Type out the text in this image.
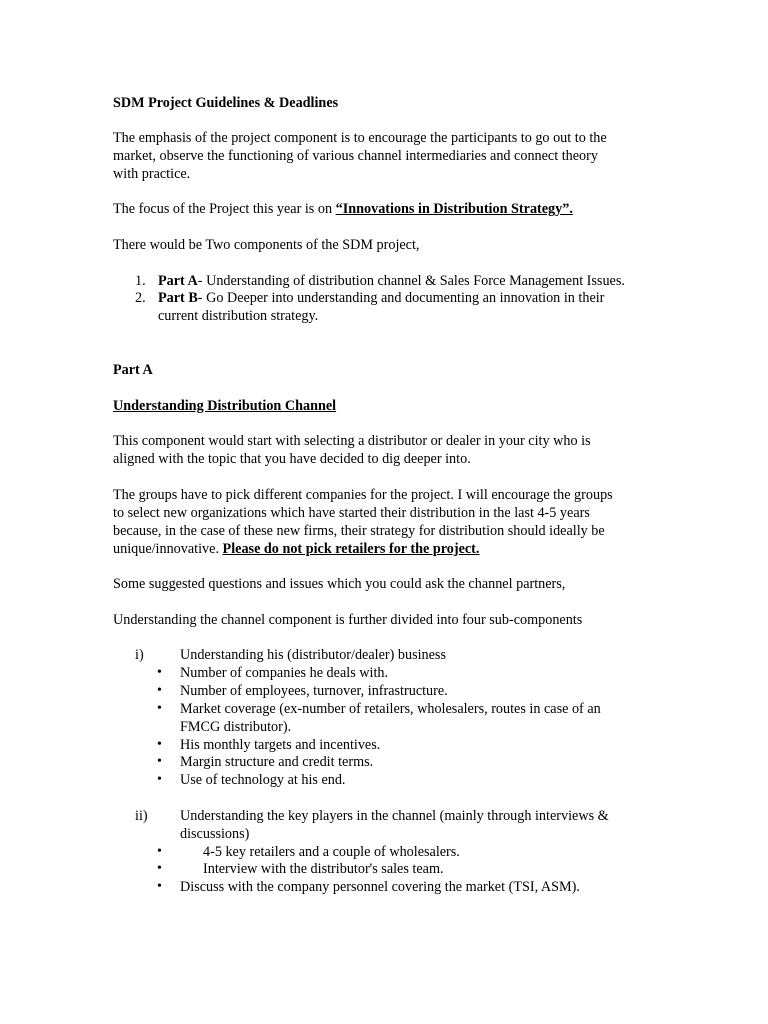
SDM Project Guidelines & Deadlines
The emphasis of the project component is to encourage the participants to go out to the
market, observe the functioning of various channel intermediaries and connect theory
with practice.
The focus of the Project this year is on “Innovations in Distribution Strategy”.
There would be Two components of the SDM project,
1. Part A- Understanding of distribution channel & Sales Force Management Issues.
2. Part B- Go Deeper into understanding and documenting an innovation in their
current distribution strategy.
Part A
Understanding Distribution Channel
This component would start with selecting a distributor or dealer in your city who is
aligned with the topic that you have decided to dig deeper into.
The groups have to pick different companies for the project. I will encourage the groups
to select new organizations which have started their distribution in the last 4-5 years
because, in the case of these new firms, their strategy for distribution should ideally be
unique/innovative. Please do not pick retailers for the project.
Some suggested questions and issues which you could ask the channel partners,
Understanding the channel component is further divided into four sub-components
i)	Understanding his (distributor/dealer) business
• Number of companies he deals with.
• Number of employees, turnover, infrastructure.
• Market coverage (ex-number of retailers, wholesalers, routes in case of an
FMCG distributor).
• His monthly targets and incentives.
• Margin structure and credit terms.
• Use of technology at his end.
ii) Understanding the key players in the channel (mainly through interviews &
discussions)
•	4-5 key retailers and a couple of wholesalers.
•	Interview with the distributor's sales team.
• Discuss with the company personnel covering the market (TSI, ASM).
